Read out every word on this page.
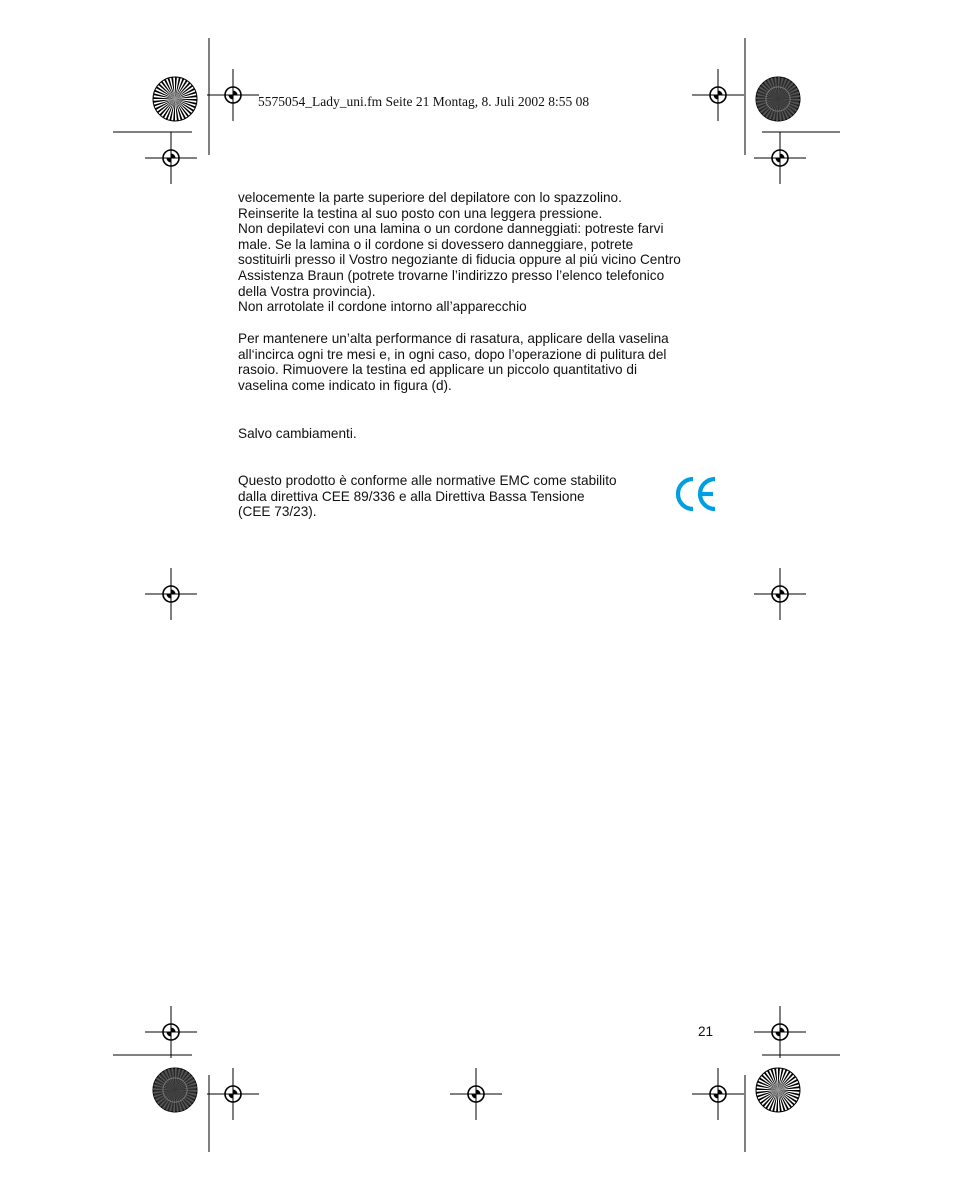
5575054_Lady_uni.fm Seite 21 Montag, 8. Juli 2002 8:55 08
velocemente la parte superiore del depilatore con lo spazzolino.
Reinserite la testina al suo posto con una leggera pressione.
Non depilatevi con una lamina o un cordone danneggiati: potreste farvi
male. Se la lamina o il cordone si dovessero danneggiare, potrete
sostituirli presso il Vostro negoziante di fiducia oppure al piú vicino Centro
Assistenza Braun (potrete trovarne l’indirizzo presso l’elenco telefonico
della Vostra provincia).
Non arrotolate il cordone intorno all’apparecchio
Per mantenere un’alta performance di rasatura, applicare della vaselina
all‘incirca ogni tre mesi e, in ogni caso, dopo l’operazione di pulitura del
rasoio. Rimuovere la testina ed applicare un piccolo quantitativo di
vaselina come indicato in figura (d).
Salvo cambiamenti.
Questo prodotto è conforme alle normative EMC come stabilito
dalla direttiva CEE 89/336 e alla Direttiva Bassa Tensione
(CEE 73/23).
21
